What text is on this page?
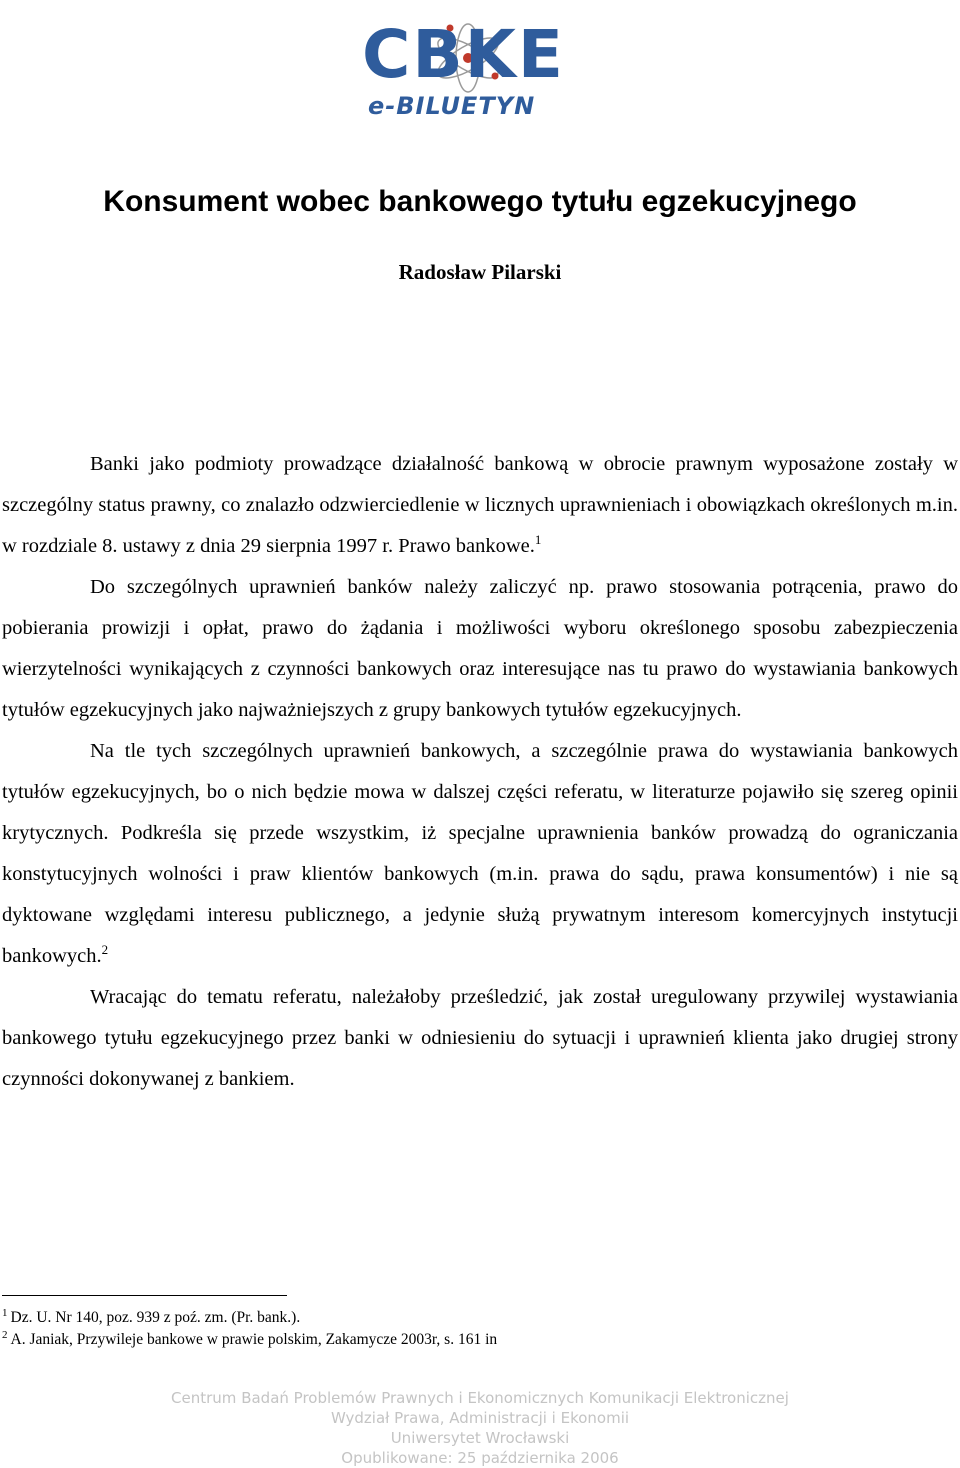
CBKE
e-BILUETYN
Konsument wobec bankowego tytułu egzekucyjnego
Radosław Pilarski

Banki jako podmioty prowadzące działalność bankową w obrocie prawnym wyposażone zostały w szczególny status prawny, co znalazło odzwierciedlenie w licznych uprawnieniach i obowiązkach określonych m.in. w rozdziale 8. ustawy z dnia 29 sierpnia 1997 r. Prawo bankowe.$^1$

Do szczególnych uprawnień banków należy zaliczyć np. prawo stosowania potrącenia, prawo do pobierania prowizji i opłat, prawo do żądania i możliwości wyboru określonego sposobu zabezpieczenia wierzytelności wynikających z czynności bankowych oraz interesujące nas tu prawo do wystawiania bankowych tytułów egzekucyjnych jako najważniejszych z grupy bankowych tytułów egzekucyjnych.

Na tle tych szczególnych uprawnień bankowych, a szczególnie prawa do wystawiania bankowych tytułów egzekucyjnych, bo o nich będzie mowa w dalszej części referatu, w literaturze pojawiło się szereg opinii krytycznych. Podkreśla się przede wszystkim, iż specjalne uprawnienia banków prowadzą do ograniczania konstytucyjnych wolności i praw klientów bankowych (m.in. prawa do sądu, prawa konsumentów) i nie są dyktowane względami interesu publicznego, a jedynie służą prywatnym interesom komercyjnych instytucji bankowych.$^2$

Wracając do tematu referatu, należałoby prześledzić, jak został uregulowany przywilej wystawiania bankowego tytułu egzekucyjnego przez banki w odniesieniu do sytuacji i uprawnień klienta jako drugiej strony czynności dokonywanej z bankiem.

$^1$ Dz. U. Nr 140, poz. 939 z poź. zm. (Pr. bank.).

$^2$ A. Janiak, Przywileje bankowe w prawie polskim, Zakamycze 2003r, s. 161 in

Centrum Badań Problemów Prawnych i Ekonomicznych Komunikacji Elektronicznej

Wydział Prawa, Administracji i Ekonomii

Uniwersytet Wrocławski

Opublikowane: 25 października 2006
